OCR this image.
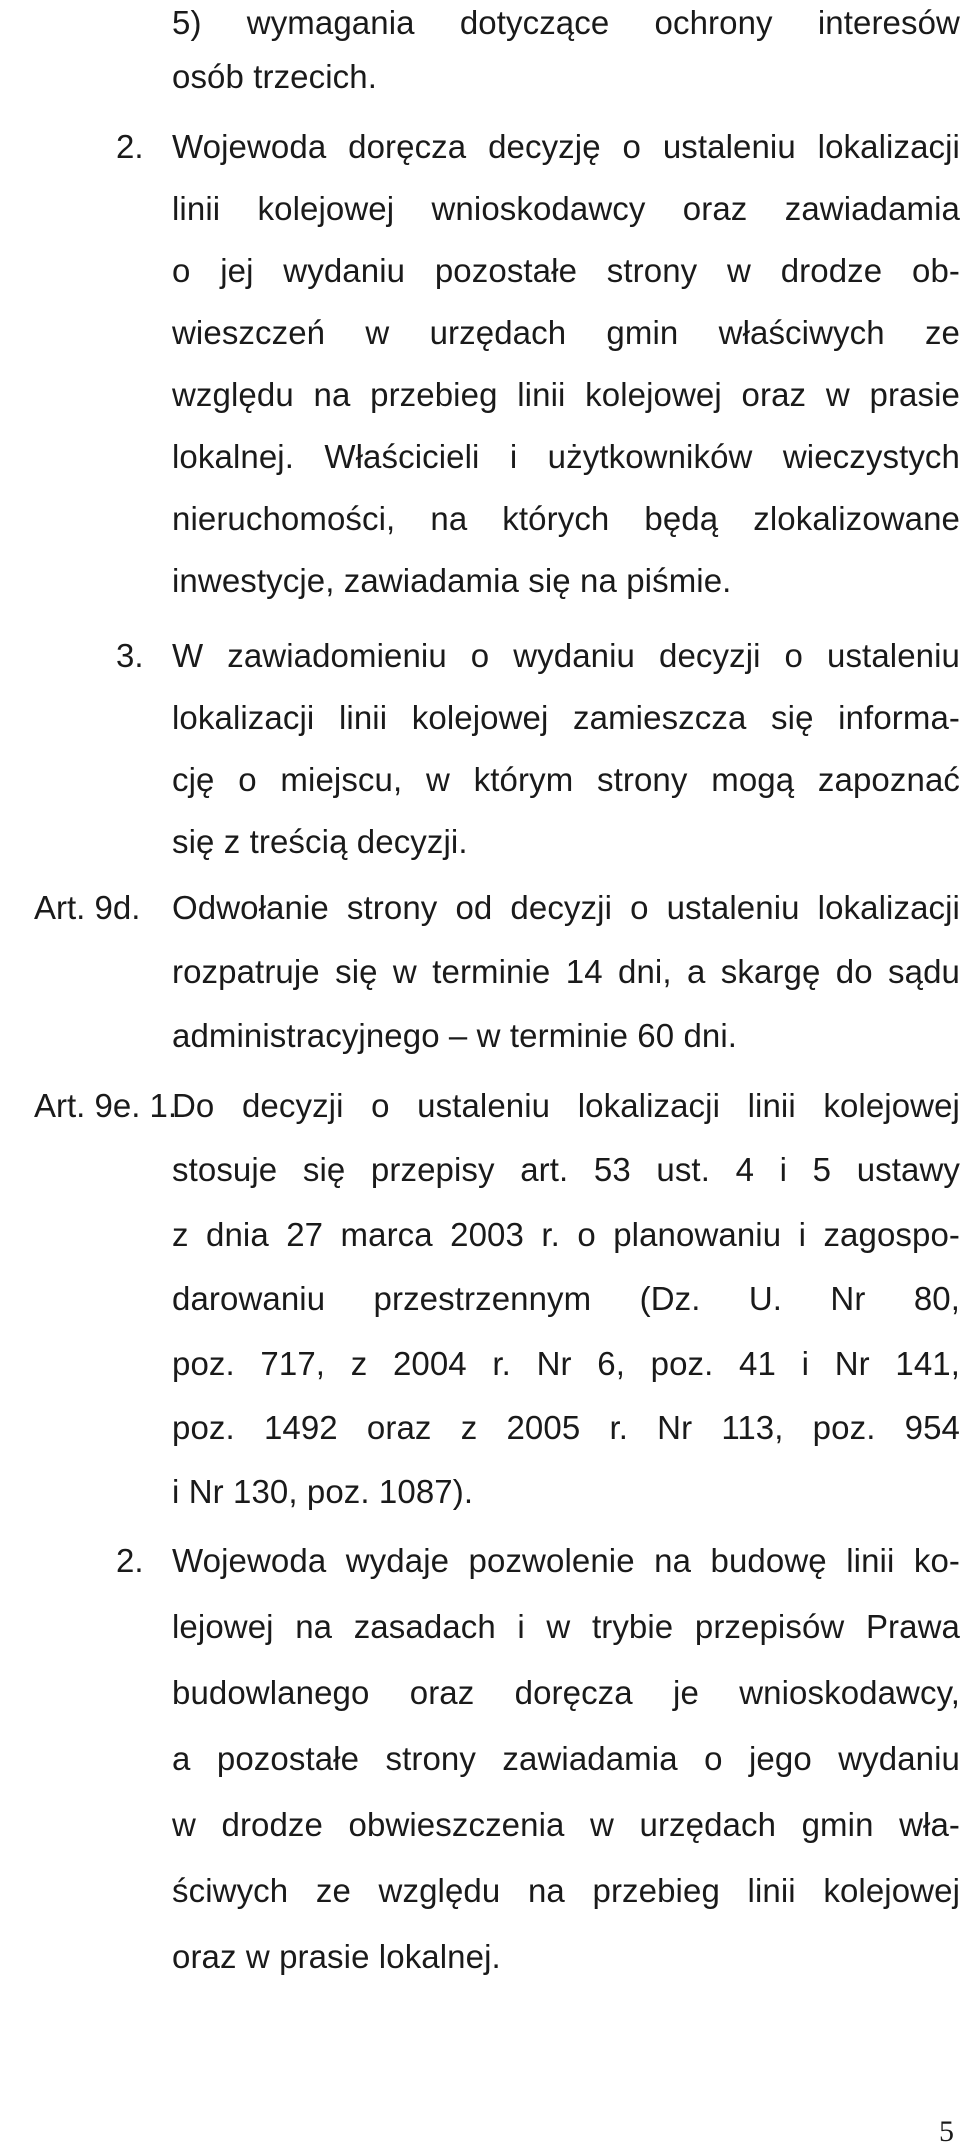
5) wymagania dotyczące ochrony interesów
osób trzecich.
2. Wojewoda doręcza decyzję o ustaleniu lokalizacji
linii kolejowej wnioskodawcy oraz zawiadamia
o jej wydaniu pozostałe strony w drodze ob-
wieszczeń w urzędach gmin właściwych ze
względu na przebieg linii kolejowej oraz w prasie
lokalnej. Właścicieli i użytkowników wieczystych
nieruchomości, na których będą zlokalizowane
inwestycje, zawiadamia się na piśmie.
3. W zawiadomieniu o wydaniu decyzji o ustaleniu
lokalizacji linii kolejowej zamieszcza się informa-
cję o miejscu, w którym strony mogą zapoznać
się z treścią decyzji.
Art. 9d. Odwołanie strony od decyzji o ustaleniu lokalizacji
rozpatruje się w terminie 14 dni, a skargę do sądu
administracyjnego – w terminie 60 dni.
Art. 9e. 1.
Do decyzji o ustaleniu lokalizacji linii kolejowej
stosuje się przepisy art. 53 ust. 4 i 5 ustawy
z dnia 27 marca 2003 r. o planowaniu i zagospo-
darowaniu przestrzennym (Dz. U. Nr 80,
poz. 717, z 2004 r. Nr 6, poz. 41 i Nr 141,
poz. 1492 oraz z 2005 r. Nr 113, poz. 954
i Nr 130, poz. 1087).
2. Wojewoda wydaje pozwolenie na budowę linii ko-
lejowej na zasadach i w trybie przepisów Prawa
budowlanego oraz doręcza je wnioskodawcy,
a pozostałe strony zawiadamia o jego wydaniu
w drodze obwieszczenia w urzędach gmin wła-
ściwych ze względu na przebieg linii kolejowej
oraz w prasie lokalnej.
5
